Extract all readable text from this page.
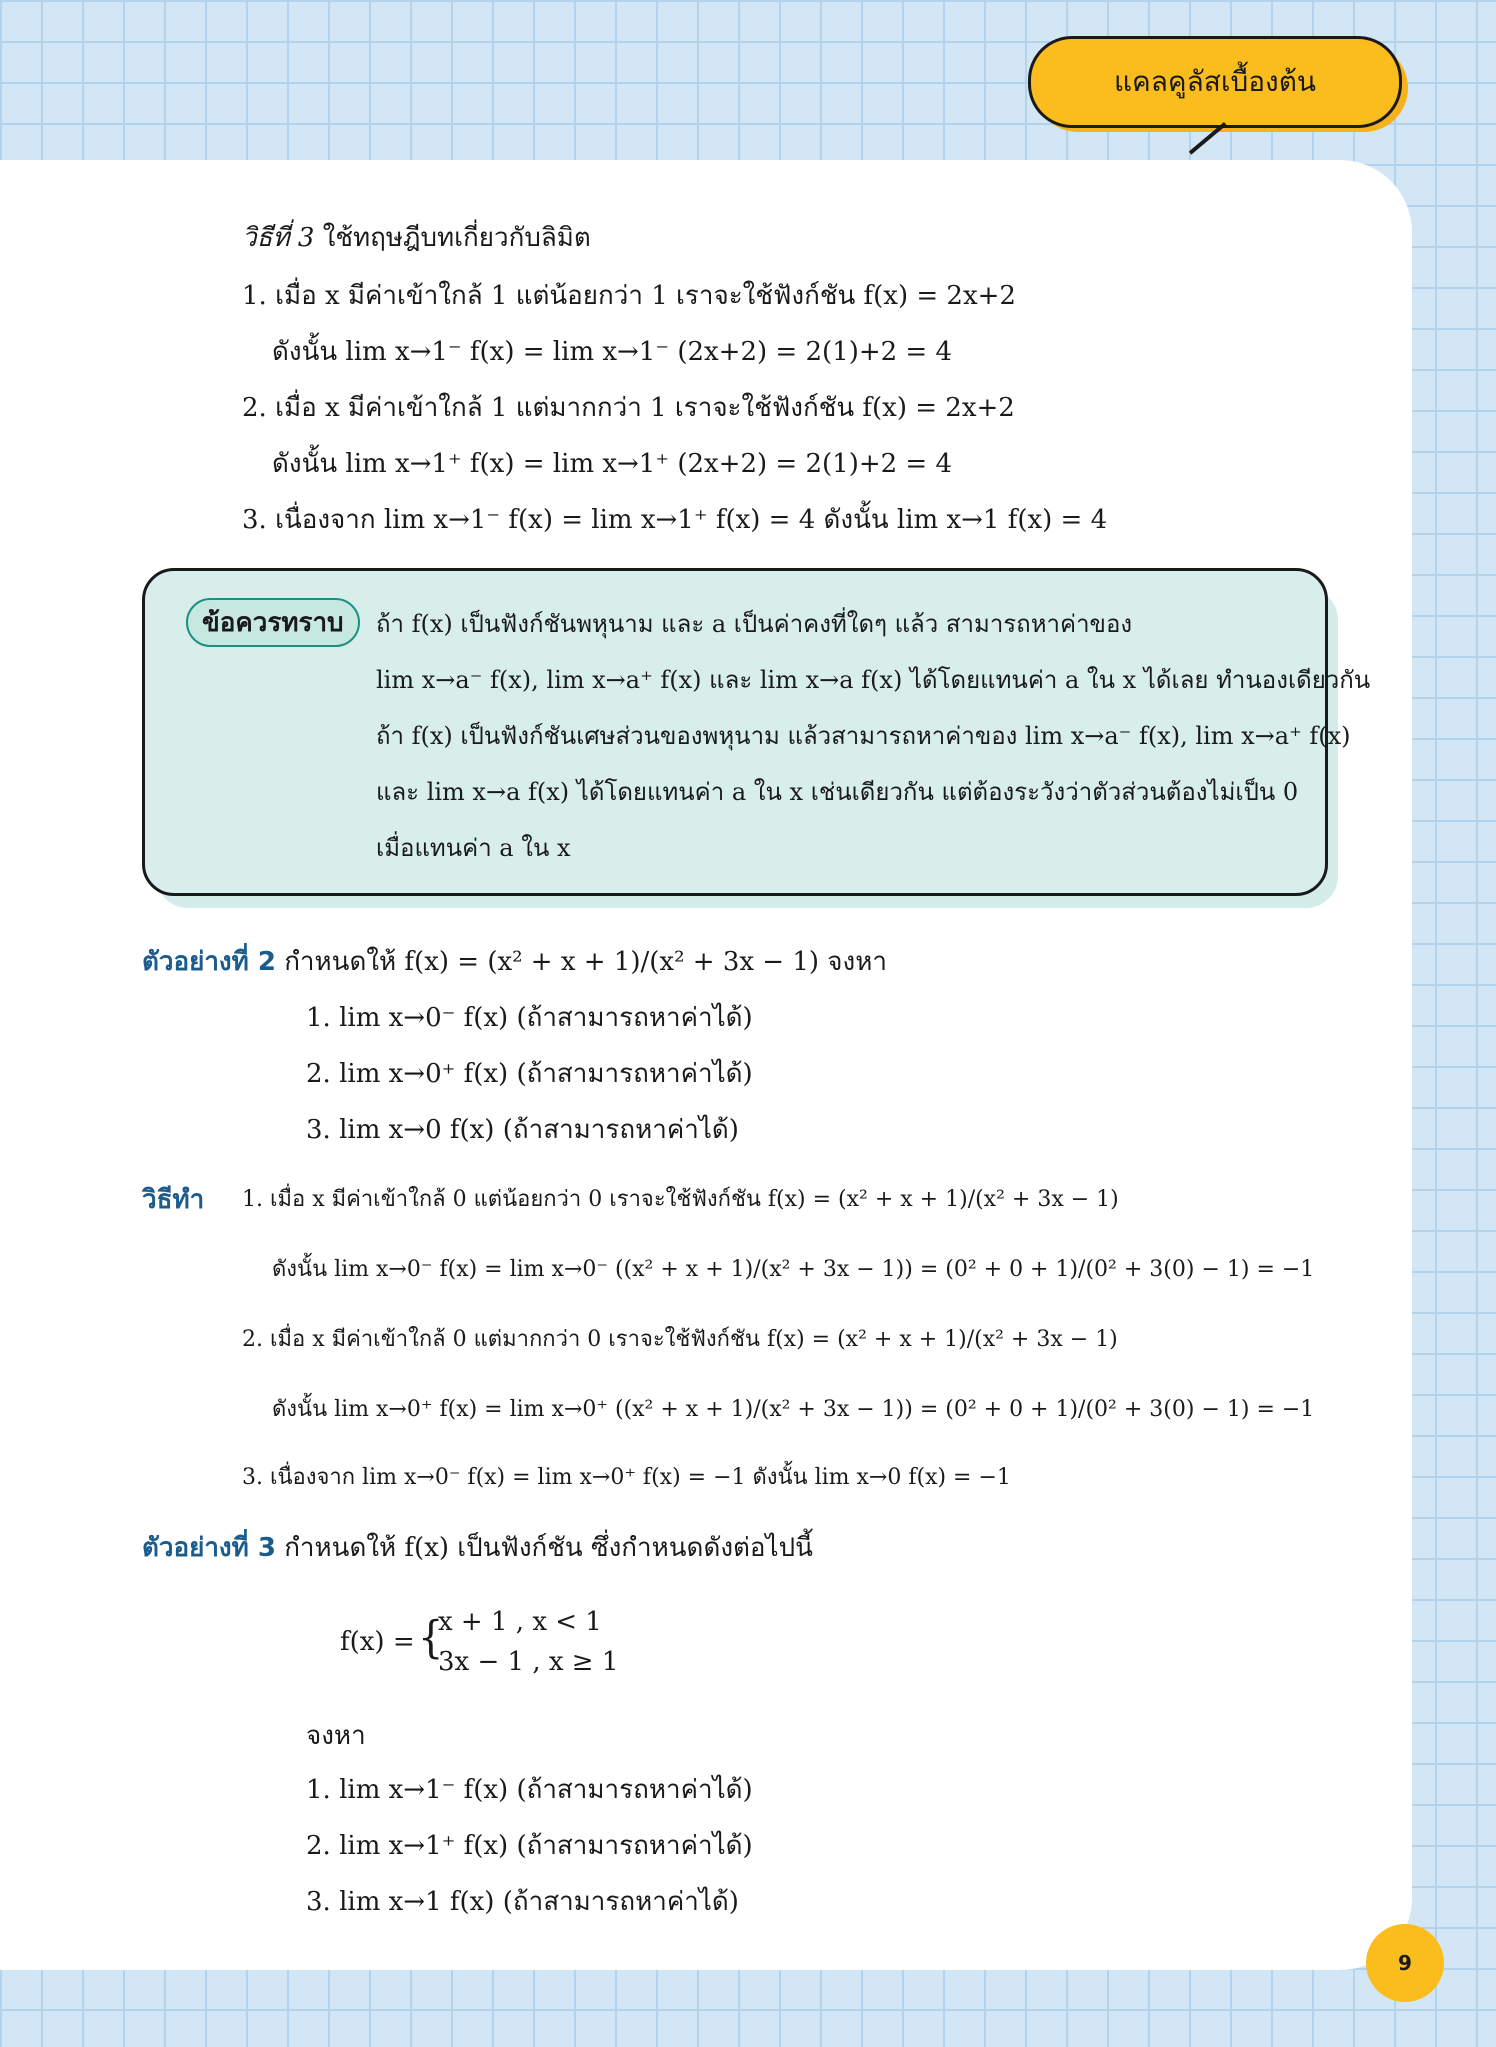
แคลคูลัสเบื้องต้น
วิธีที่ 3 ใช้ทฤษฎีบทเกี่ยวกับลิมิต
1. เมื่อ x มีค่าเข้าใกล้ 1 แต่น้อยกว่า 1 เราจะใช้ฟังก์ชัน f(x) = 2x+2
ดังนั้น lim x→1⁻ f(x) = lim x→1⁻ (2x+2) = 2(1)+2 = 4
2. เมื่อ x มีค่าเข้าใกล้ 1 แต่มากกว่า 1 เราจะใช้ฟังก์ชัน f(x) = 2x+2
ดังนั้น lim x→1⁺ f(x) = lim x→1⁺ (2x+2) = 2(1)+2 = 4
3. เนื่องจาก lim x→1⁻ f(x) = lim x→1⁺ f(x) = 4 ดังนั้น lim x→1 f(x) = 4
ข้อควรทราบ	ถ้า f(x) เป็นฟังก์ชันพหุนาม และ a เป็นค่าคงที่ใดๆ แล้ว สามารถหาค่าของ
lim x→a⁻ f(x), lim x→a⁺ f(x) และ lim x→a f(x) ได้โดยแทนค่า a ใน x ได้เลย ทำนองเดียวกัน
ถ้า f(x) เป็นฟังก์ชันเศษส่วนของพหุนาม แล้วสามารถหาค่าของ lim x→a⁻ f(x), lim x→a⁺ f(x)
และ lim x→a f(x) ได้โดยแทนค่า a ใน x เช่นเดียวกัน แต่ต้องระวังว่าตัวส่วนต้องไม่เป็น 0
เมื่อแทนค่า a ใน x
ตัวอย่างที่ 2 กำหนดให้ f(x) = (x² + x + 1)/(x² + 3x − 1) จงหา
1. lim x→0⁻ f(x) (ถ้าสามารถหาค่าได้)
2. lim x→0⁺ f(x) (ถ้าสามารถหาค่าได้)
3. lim x→0 f(x) (ถ้าสามารถหาค่าได้)
วิธีทำ 1. เมื่อ x มีค่าเข้าใกล้ 0 แต่น้อยกว่า 0 เราจะใช้ฟังก์ชัน f(x) = (x² + x + 1)/(x² + 3x − 1)
ดังนั้น lim x→0⁻ f(x) = lim x→0⁻ ((x² + x + 1)/(x² + 3x − 1)) = (0² + 0 + 1)/(0² + 3(0) − 1) = −1
2. เมื่อ x มีค่าเข้าใกล้ 0 แต่มากกว่า 0 เราจะใช้ฟังก์ชัน f(x) = (x² + x + 1)/(x² + 3x − 1)
ดังนั้น lim x→0⁺ f(x) = lim x→0⁺ ((x² + x + 1)/(x² + 3x − 1)) = (0² + 0 + 1)/(0² + 3(0) − 1) = −1
3. เนื่องจาก lim x→0⁻ f(x) = lim x→0⁺ f(x) = −1 ดังนั้น lim x→0 f(x) = −1
ตัวอย่างที่ 3 กำหนดให้ f(x) เป็นฟังก์ชัน ซึ่งกำหนดดังต่อไปนี้
f(x) = {
x + 1 , x < 1
3x − 1 , x ≥ 1
จงหา
1. lim x→1⁻ f(x) (ถ้าสามารถหาค่าได้)
2. lim x→1⁺ f(x) (ถ้าสามารถหาค่าได้)
3. lim x→1 f(x) (ถ้าสามารถหาค่าได้)
9
